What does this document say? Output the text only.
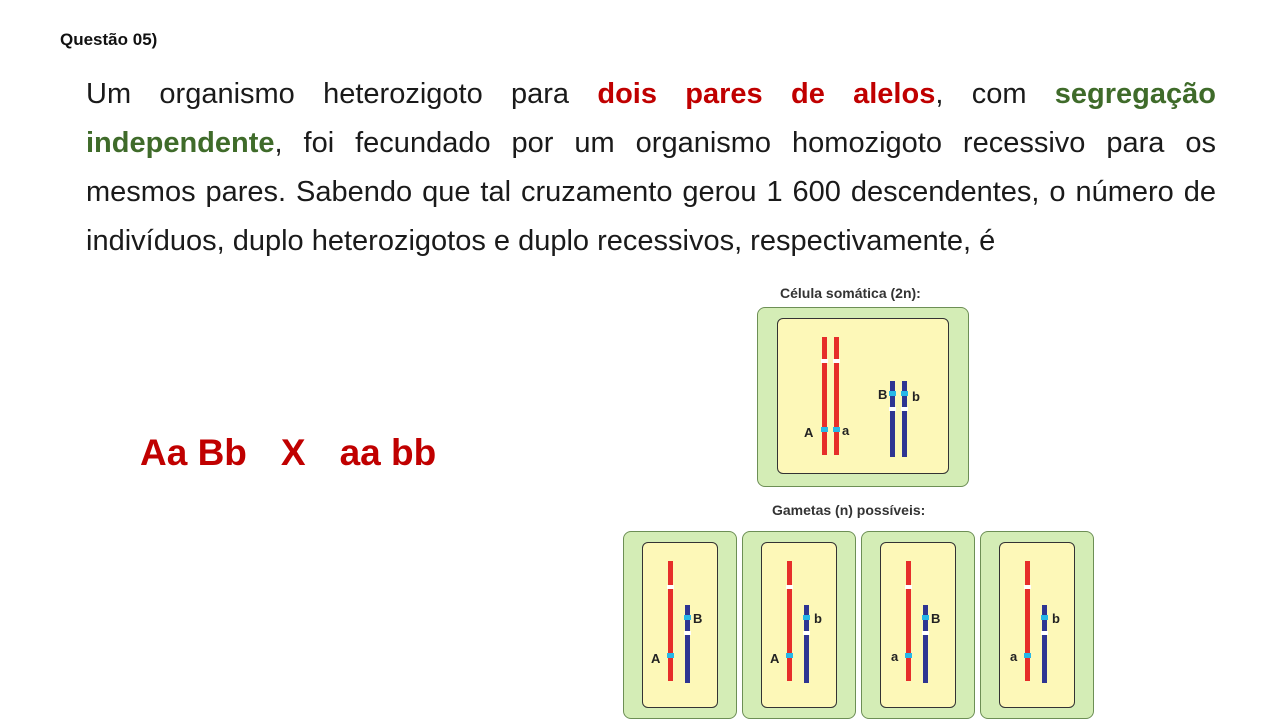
Questão 05)
Um organismo heterozigoto para dois pares de alelos, com segregação independente, foi fecundado por um organismo homozigoto recessivo para os mesmos pares. Sabendo que tal cruzamento gerou 1 600 descendentes, o número de indivíduos, duplo heterozigotos e duplo recessivos, respectivamente, é
Aa Bb X aa bb
Célula somática (2n):
A a
B b
Gametas (n) possíveis:
A
B
A
b
a
B
a
b
